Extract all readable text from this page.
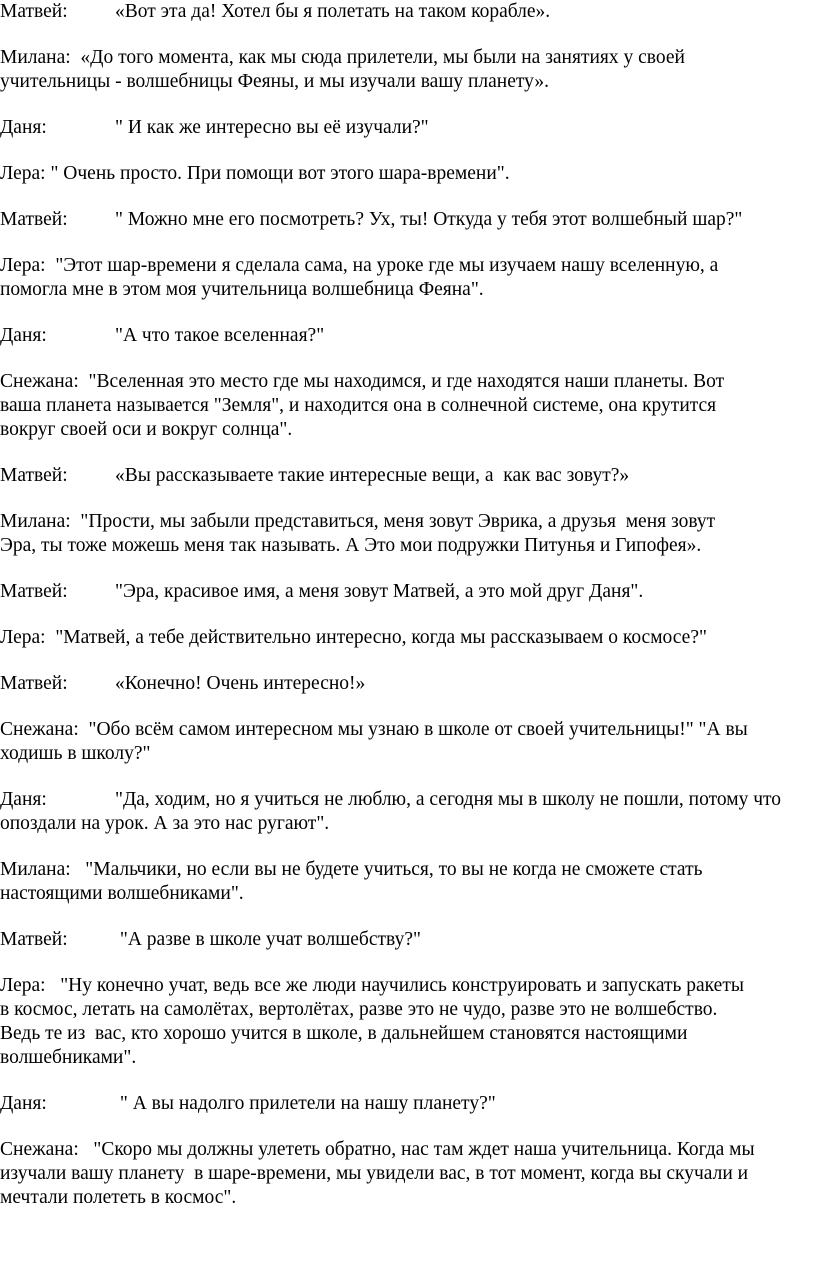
Матвей: «Вот эта да! Хотел бы я полетать на таком корабле».
Милана:  «До того момента, как мы сюда прилетели, мы были на занятиях у своей
учительницы - волшебницы Феяны, и мы изучали вашу планету».
Даня:	" И как же интересно вы её изучали?"
Лера: " Очень просто. При помощи вот этого шара-времени".
Матвей: " Можно мне его посмотреть? Ух, ты! Откуда у тебя этот волшебный шар?"
Лера:  "Этот шар-времени я сделала сама, на уроке где мы изучаем нашу вселенную, а
помогла мне в этом моя учительница волшебница Феяна".
Даня:	"А что такое вселенная?"
Снежана:  "Вселенная это место где мы находимся, и где находятся наши планеты. Вот
ваша планета называется "Земля", и находится она в солнечной системе, она крутится
вокруг своей оси и вокруг солнца".
Матвей: «Вы рассказываете такие интересные вещи, а  как вас зовут?»
Милана:  "Прости, мы забыли представиться, меня зовут Эврика, а друзья  меня зовут
Эра, ты тоже можешь меня так называть. А Это мои подружки Питунья и Гипофея».
Матвей: "Эра, красивое имя, а меня зовут Матвей, а это мой друг Даня".
Лера:  "Матвей, а тебе действительно интересно, когда мы рассказываем о космосе?"
Матвей: «Конечно! Очень интересно!»
Снежана:  "Обо всём самом интересном мы узнаю в школе от своей учительницы!" "А вы
ходишь в школу?"
Даня:	"Да, ходим, но я учиться не люблю, а сегодня мы в школу не пошли, потому что
опоздали на урок. А за это нас ругают".
Милана:   "Мальчики, но если вы не будете учиться, то вы не когда не сможете стать
настоящими волшебниками".
Матвей: "А разве в школе учат волшебству?"
Лера:   "Ну конечно учат, ведь все же люди научились конструировать и запускать ракеты
в космос, летать на самолётах, вертолётах, разве это не чудо, разве это не волшебство.
Ведь те из  вас, кто хорошо учится в школе, в дальнейшем становятся настоящими
волшебниками".
Даня:	" А вы надолго прилетели на нашу планету?"
Снежана:   "Скоро мы должны улететь обратно, нас там ждет наша учительница. Когда мы
изучали вашу планету  в шаре-времени, мы увидели вас, в тот момент, когда вы скучали и
мечтали полететь в космос".
